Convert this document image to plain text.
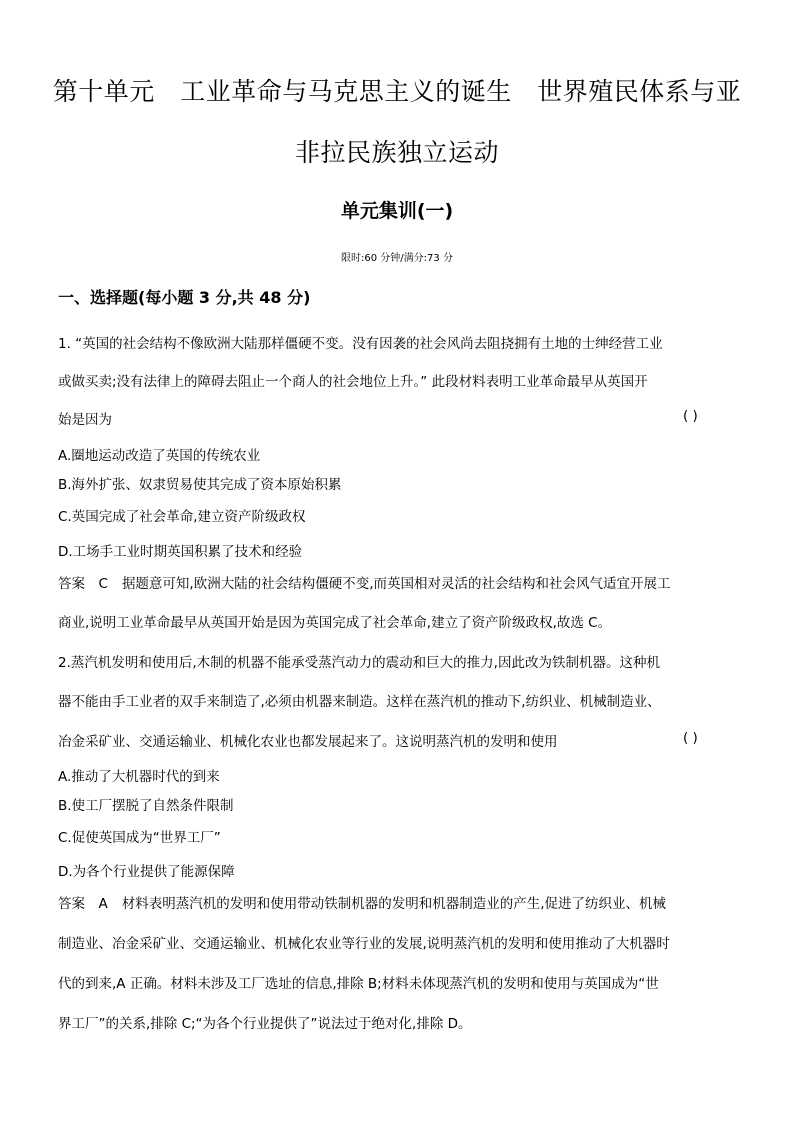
第十单元　工业革命与马克思主义的诞生　世界殖民体系与亚
非拉民族独立运动
单元集训(一)
限时:60 分钟/满分:73 分
一、选择题(每小题 3 分,共 48 分)
1. “英国的社会结构不像欧洲大陆那样僵硬不变。没有因袭的社会风尚去阻挠拥有土地的士绅经营工业
或做买卖;没有法律上的障碍去阻止一个商人的社会地位上升。” 此段材料表明工业革命最早从英国开
始是因为	( )
A.圈地运动改造了英国的传统农业
B.海外扩张、奴隶贸易使其完成了资本原始积累
C.英国完成了社会革命,建立资产阶级政权
D.工场手工业时期英国积累了技术和经验
答案　C 据题意可知,欧洲大陆的社会结构僵硬不变,而英国相对灵活的社会结构和社会风气适宜开展工
商业,说明工业革命最早从英国开始是因为英国完成了社会革命,建立了资产阶级政权,故选 C。
2.蒸汽机发明和使用后,木制的机器不能承受蒸汽动力的震动和巨大的推力,因此改为铁制机器。这种机
器不能由手工业者的双手来制造了,必须由机器来制造。这样在蒸汽机的推动下,纺织业、机械制造业、
冶金采矿业、交通运输业、机械化农业也都发展起来了。这说明蒸汽机的发明和使用	( )
A.推动了大机器时代的到来
B.使工厂摆脱了自然条件限制
C.促使英国成为“世界工厂”
D.为各个行业提供了能源保障
答案　A 材料表明蒸汽机的发明和使用带动铁制机器的发明和机器制造业的产生,促进了纺织业、机械
制造业、冶金采矿业、交通运输业、机械化农业等行业的发展,说明蒸汽机的发明和使用推动了大机器时
代的到来,A 正确。材料未涉及工厂选址的信息,排除 B;材料未体现蒸汽机的发明和使用与英国成为“世
界工厂”的关系,排除 C;“为各个行业提供了”说法过于绝对化,排除 D。
